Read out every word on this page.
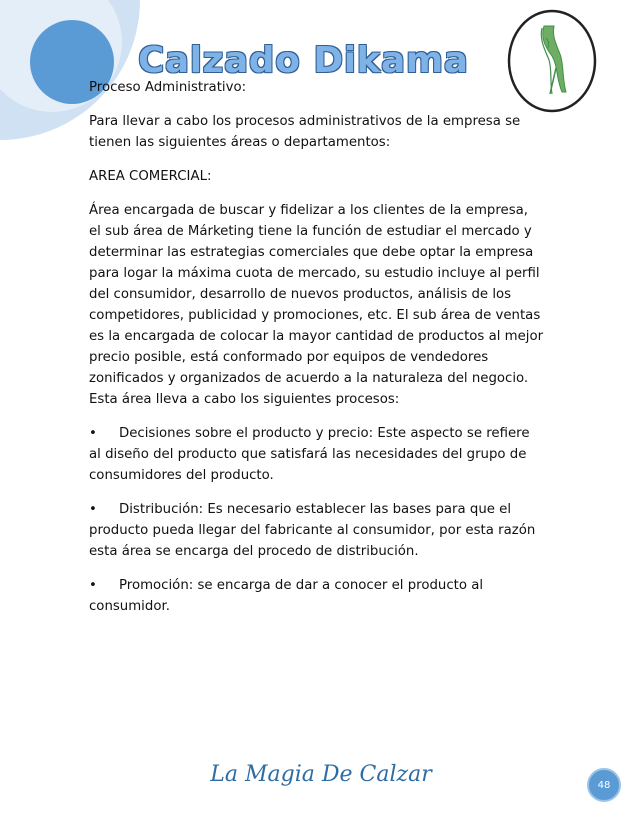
Calzado Dikama

Proceso Administrativo:

Para llevar a cabo los procesos administrativos de la empresa se tienen las siguientes áreas o departamentos:

AREA COMERCIAL:

Área encargada de buscar y fidelizar a los clientes de la empresa, el sub área de Márketing tiene la función de estudiar el mercado y determinar las estrategias comerciales que debe optar la empresa para logar la máxima cuota de mercado, su estudio incluye al perfil del consumidor, desarrollo de nuevos productos, análisis de los competidores, publicidad y promociones, etc. El sub área de ventas es la encargada de colocar la mayor cantidad de productos al mejor precio posible, está conformado por equipos de vendedores zonificados y organizados de acuerdo a la naturaleza del negocio. Esta área lleva a cabo los siguientes procesos:

• Decisiones sobre el producto y precio: Este aspecto se refiere al diseño del producto que satisfará las necesidades del grupo de consumidores del producto.

• Distribución: Es necesario establecer las bases para que el producto pueda llegar del fabricante al consumidor, por esta razón esta área se encarga del procedo de distribución.

• Promoción: se encarga de dar a conocer el producto al consumidor.

La Magia De Calzar	48
